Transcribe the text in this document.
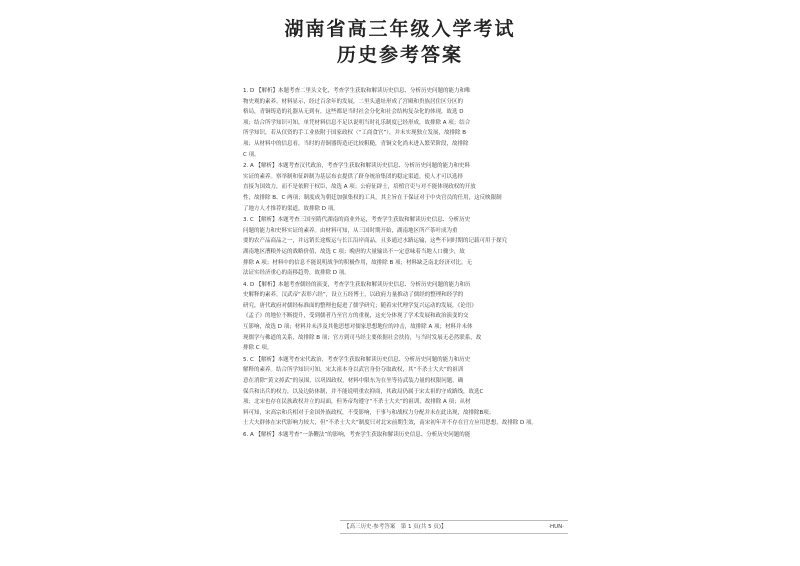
湖南省高三年级入学考试
历史参考答案
1. D 【解析】本题考查二里头文化，考查学生获取和解读历史信息、分析历史问题的能力和唯
物史观的素养。材料显示，经过百余年的发展，二里头遗址形成了宫殿和贵族居住区分区的
格局，青铜铸造的礼器从无到有，这些都是当时社会分化和社会结构复杂化的体现，故选 D
项；结合所学知识可知，单凭材料信息不足以说明当时礼乐制度已经形成，故排除 A 项；结合
所学知识，若从仅资的手工业依附于国家政权（“工商食官”），并未实现独立发展，故排除 B
项；从材料中的信息看，当时的青铜器铸造还比较粗糙，青铜文化尚未进入繁荣阶段，故排除
C 项。
2. A 【解析】本题考查汉代政治，考查学生获取和解读历史信息、分析历史问题的能力和史料
实证的素养。察举制和征辟制为基层布衣提供了跻身统治集团的稳定渠道，使人才可以选择
直接为国效力，而不是依附于权臣，故选 A 项；公府征辟士，培植官吏与对不能体现政权的开放
性，故排除 B、C 两项；制度成为朝廷加强集权的工具，其主旨在于保证对于中央官员的任用，这反映限制
了地方人才推荐的渠道，故排除 D 项。
3. C 【解析】本题考查三国至隋代湖南的商业外运，考查学生获取和解读历史信息、分析历史
问题的能力和史料实证的素养。由材料可知，从三国时期开始，湖南地区所产茶叶成为重
要的农产品商品之一，并远销长途贩运与长江沿岸商品，且多通过水路运输，这些不同时期的记载可用于探究
湖南地区漕粮外运的战略价值，故选 C 项；晚唐的大量输出不一定意味着当地人口骤少，故
排除 A 项；材料中的信息不能说明战争的积极作用，故排除 B 项；材料缺乏南北经济对比，无
法证实经济重心的南移趋势，故排除 D 项。
4. D 【解析】本题考查儒经的演变，考查学生获取和解读历史信息、分析历史问题的能力和历
史解释的素养。汉武帝“表彰六经”，设立五经博士，以政府力量推动了儒经的整理和经学的
研究，唐代政府对儒经标准面的整理也促进了儒学研究；随着宋代理学复兴运动的发展，《论语》
《孟子》的地位不断提升，受到儒者乃至官方的重视，这充分体现了学术发展和政治演变的交
互影响，故选 D 项；材料并未涉及其他思想对儒家思想地位的冲击，故排除 A 项；材料并未体
现儒学与佛道的关系，故排除 B 项；官方到司马经主要依据社会扶持，与当时发展无必然联系，故
排除 C 项。
5. C 【解析】本题考查宋代政治，考查学生获取和解读历史信息、分析历史问题的能力和历史
解释的素养。结合所学知识可知，宋太祖本身以武官身份夺取政权，其“不杀士大夫”的祖训
意在消除“黄文掉武”的氛围，以巩固政权，材料中限东为在坐等待武装力量的权限问题，确
保兵和出兵的权力，以及边防体制，并不能说明重农抑商，其政局仍属于宋太祖的守成路线，故选C
项；北宋也存在民族政权并立的局面，但务帝均遵守“不杀士大夫”的祖训，故排除 A 项；从材
料可知，宋高宗和兵相对于金国外族政权，不受影响，于事与和战权力分配并未在此出现，故排除B项；
士大夫群体在宋代影响力较大，但“不杀士大夫”制度只对北宋前期生效，南宋初年并不存在官方应用思想，故排除 D 项。
6. A 【解析】本题考查“一条鞭法”的影响，考查学生获取和解读历史信息、分析历史问题的能
【高三历史·参考答案　第 1 页(共 5 页)】	·HUN·
